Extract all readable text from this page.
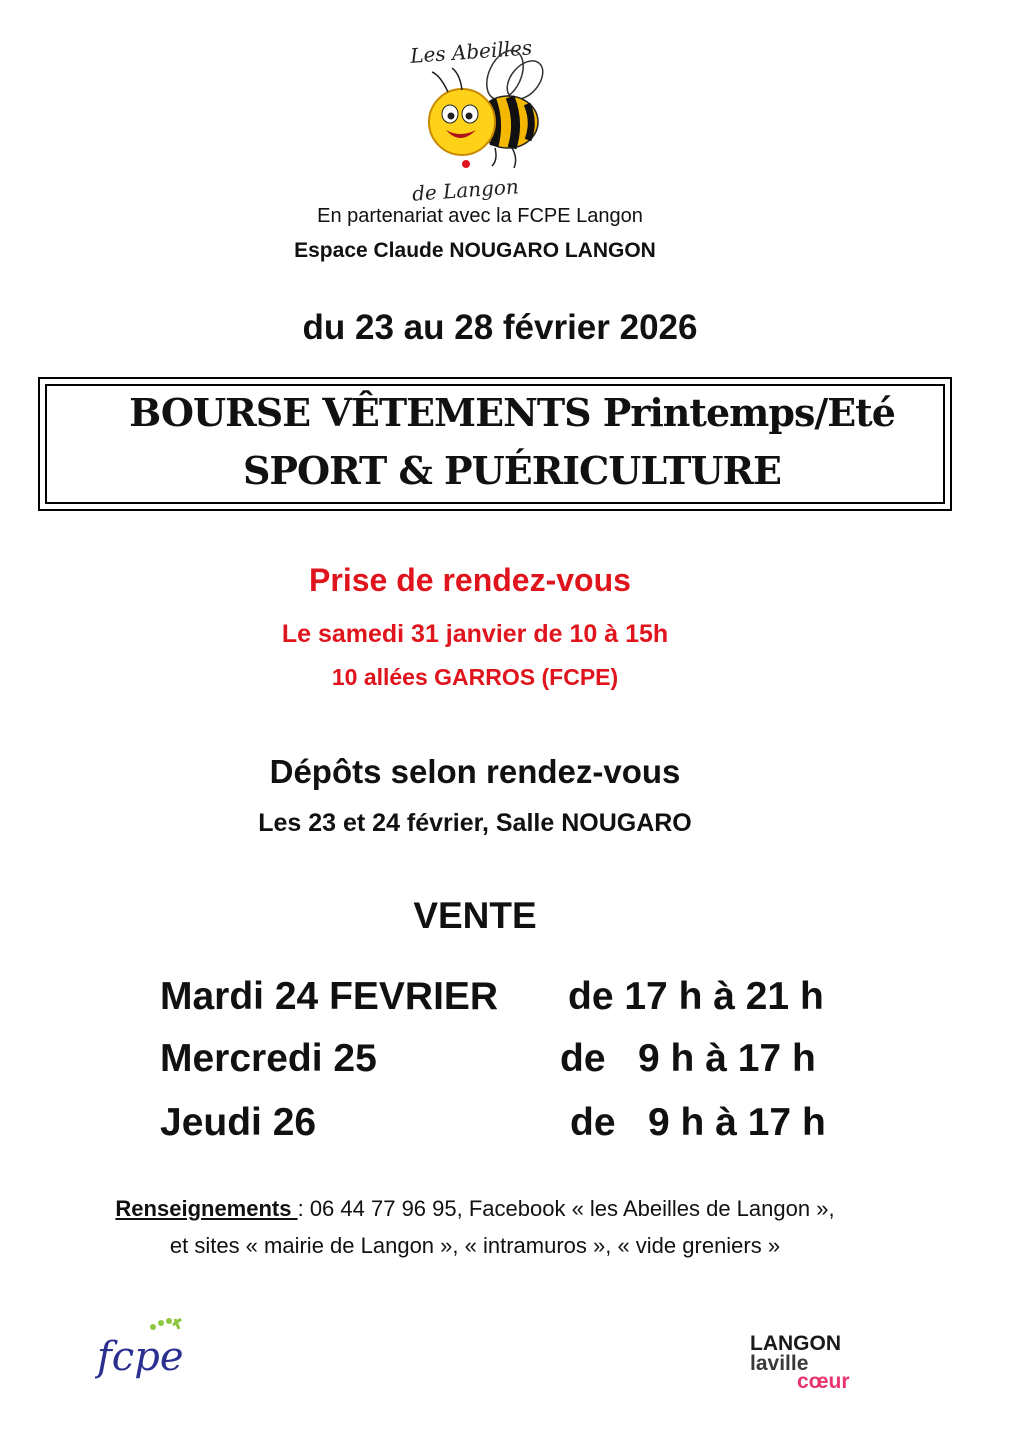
Les Abeilles
de Langon
En partenariat avec la FCPE Langon
Espace Claude NOUGARO LANGON
du 23 au 28 février 2026
BOURSE VÊTEMENTS Printemps/Eté
SPORT & PUÉRICULTURE
Prise de rendez-vous
Le samedi 31 janvier de 10 à 15h
10 allées GARROS (FCPE)
Dépôts selon rendez-vous
Les 23 et 24 février, Salle NOUGARO
VENTE
Mardi 24 FEVRIER de 17 h à 21 h
Mercredi 25	de   9 h à 17 h
Jeudi 26	de   9 h à 17 h
Renseignements : 06 44 77 96 95, Facebook « les Abeilles de Langon »,
et sites « mairie de Langon », « intramuros », « vide greniers »
fcpe	LANGON
laville
cœur
